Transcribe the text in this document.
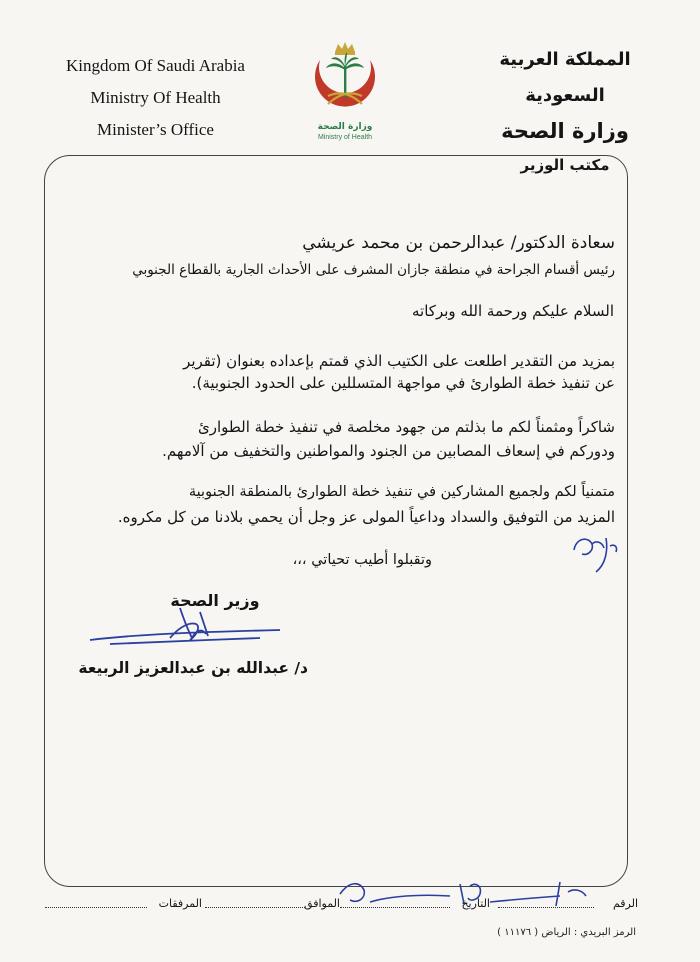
Kingdom Of Saudi Arabia
Ministry Of Health
Minister’s Office	وزارة الصحة
Ministry of Health
المملكة العربية السعودية
وزارة الصحة
مكتب الوزير
سعادة الدكتور/ عبدالرحمن بن محمد عريشي
رئيس أقسام الجراحة في منطقة جازان المشرف على الأحداث الجارية بالقطاع الجنوبي
السلام عليكم ورحمة الله وبركاته
بمزيد من التقدير اطلعت على الكتيب الذي قمتم بإعداده بعنوان (تقرير
عن تنفيذ خطة الطوارئ في مواجهة المتسللين على الحدود الجنوبية).
شاكراً ومثمناً لكم ما بذلتم من جهود مخلصة في تنفيذ خطة الطوارئ
ودوركم في إسعاف المصابين من الجنود والمواطنين والتخفيف من آلامهم.
متمنياً لكم ولجميع المشاركين في تنفيذ خطة الطوارئ بالمنطقة الجنوبية
المزيد من التوفيق والسداد وداعياً المولى عز وجل أن يحمي بلادنا من كل مكروه.
وتقبلوا أطيب تحياتي ،،،
وزير الصحة
د/ عبدالله بن عبدالعزيز الربيعة
الرقم
التاريخ
الموافق
المرفقات
الرمز البريدي : الرياض ( ١١١٧٦ )
